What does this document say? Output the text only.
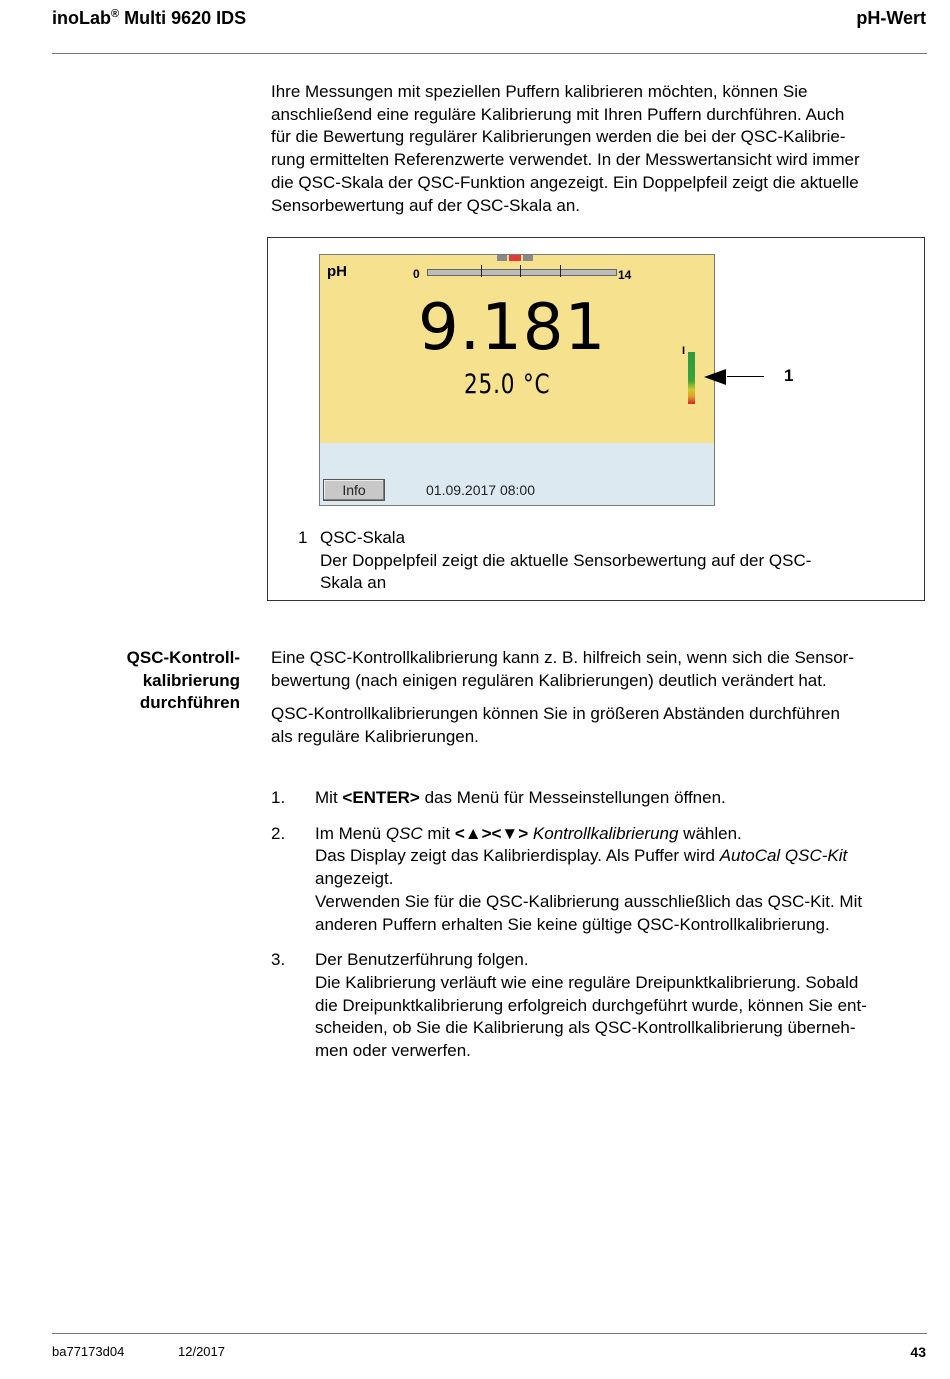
inoLab® Multi 9620 IDS	pH-Wert

Ihre Messungen mit speziellen Puffern kalibrieren möchten, können Sie

anschließend eine reguläre Kalibrierung mit Ihren Puffern durchführen. Auch

für die Bewertung regulärer Kalibrierungen werden die bei der QSC-Kalibrie-

rung ermittelten Referenzwerte verwendet. In der Messwertansicht wird immer

die QSC-Skala der QSC-Funktion angezeigt. Ein Doppelpfeil zeigt die aktuelle

Sensorbewertung auf der QSC-Skala an.

pH	0	14
9.181
25.0 °C
I
Info	01.09.2017 08:00
1
1 QSC-Skala
Der Doppelpfeil zeigt die aktuelle Sensorbewertung auf der QSC-
Skala an
QSC-Kontroll-
kalibrierung
durchführen

Eine QSC-Kontrollkalibrierung kann z. B. hilfreich sein, wenn sich die Sensor-
bewertung (nach einigen regulären Kalibrierungen) deutlich verändert hat.

QSC-Kontrollkalibrierungen können Sie in größeren Abständen durchführen
als reguläre Kalibrierungen.

1. Mit <ENTER> das Menü für Messeinstellungen öffnen.
2. Im Menü QSC mit <▲><▼> Kontrollkalibrierung wählen.
Das Display zeigt das Kalibrierdisplay. Als Puffer wird AutoCal QSC-Kit
angezeigt.
Verwenden Sie für die QSC-Kalibrierung ausschließlich das QSC-Kit. Mit
anderen Puffern erhalten Sie keine gültige QSC-Kontrollkalibrierung.
3. Der Benutzerführung folgen.
Die Kalibrierung verläuft wie eine reguläre Dreipunktkalibrierung. Sobald
die Dreipunktkalibrierung erfolgreich durchgeführt wurde, können Sie ent-
scheiden, ob Sie die Kalibrierung als QSC-Kontrollkalibrierung überneh-
men oder verwerfen.
ba77173d04	12/2017	43
